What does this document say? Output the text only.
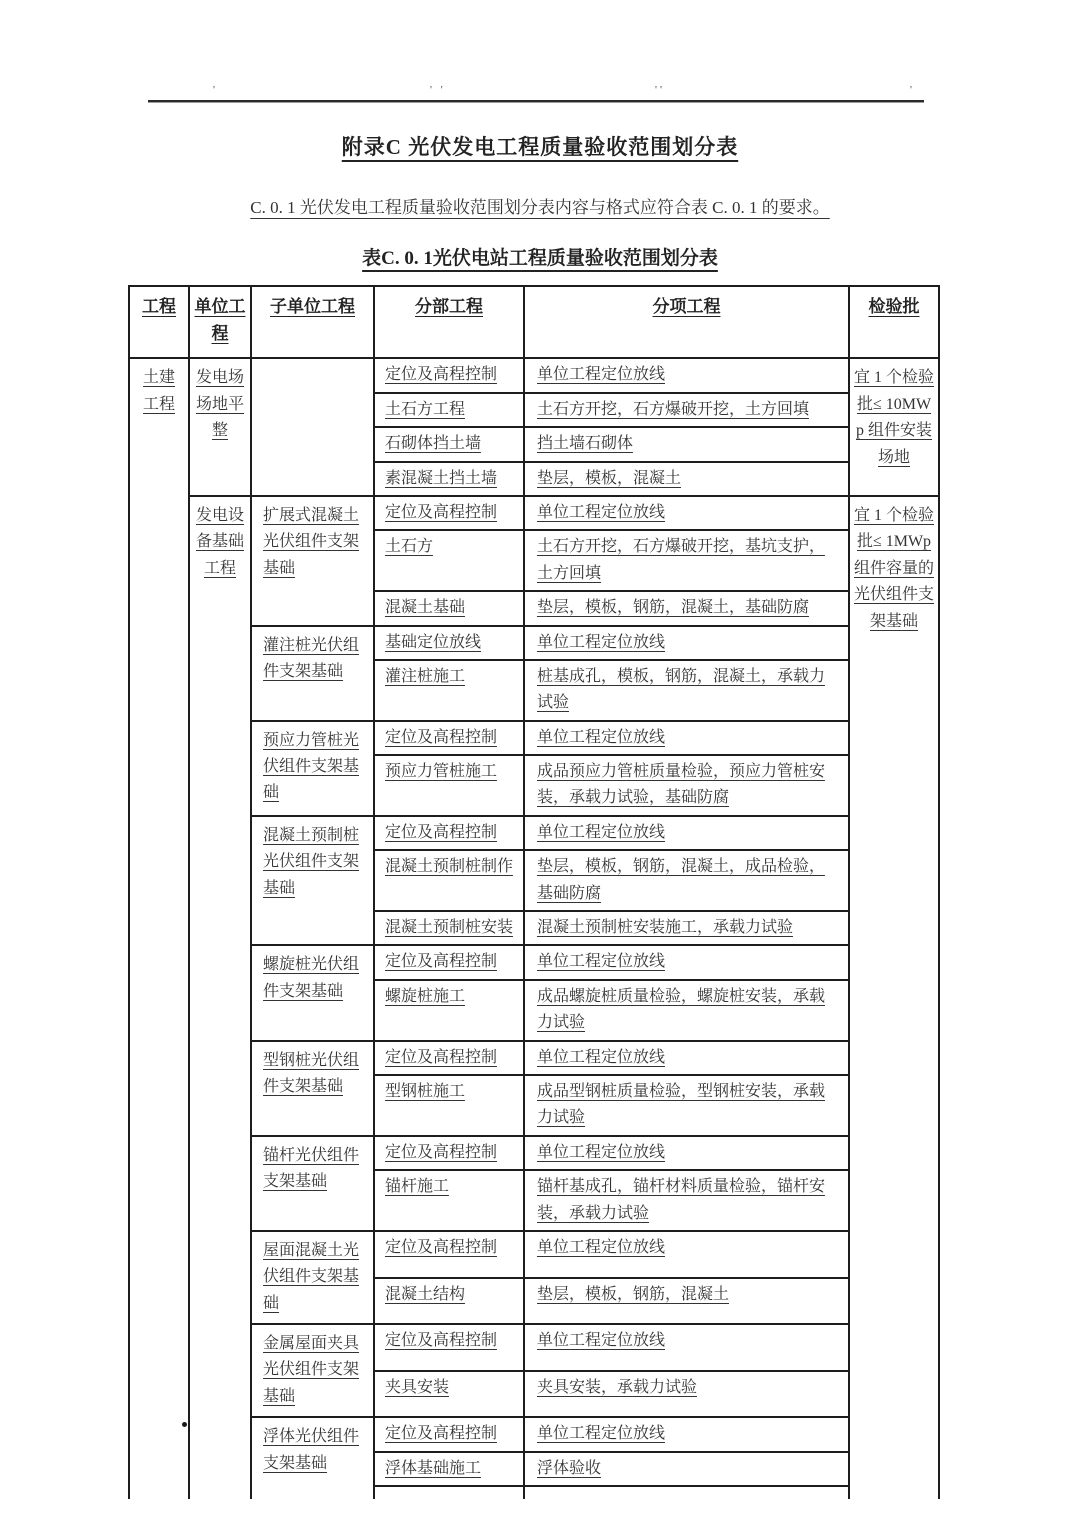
'	' '	''	'
附录C 光伏发电工程质量验收范围划分表
C. 0. 1 光伏发电工程质量验收范围划分表内容与格式应符合表 C. 0. 1 的要求。
表C. 0. 1光伏电站工程质量验收范围划分表
工程	单位工程	子单位工程	分部工程	分项工程	检验批
土建工程	发电场场地平整		定位及高程控制	单位工程定位放线	宜 1 个检验批≤ 10MWp 组件安装场地
			土石方工程	土石方开挖，石方爆破开挖，土方回填	
			石砌体挡土墙	挡土墙石砌体	
			素混凝土挡土墙	垫层，模板，混凝土	
	发电设备基础工程	扩展式混凝土光伏组件支架基础	定位及高程控制	单位工程定位放线	宜 1 个检验批≤ 1MWp 组件容量的光伏组件支架基础
			土石方	土石方开挖，石方爆破开挖，基坑支护，土方回填	
			混凝土基础	垫层，模板，钢筋，混凝土，基础防腐	
		灌注桩光伏组件支架基础	基础定位放线	单位工程定位放线	
			灌注桩施工	桩基成孔，模板，钢筋，混凝土，承载力试验	
		预应力管桩光伏组件支架基础	定位及高程控制	单位工程定位放线	
			预应力管桩施工	成品预应力管桩质量检验，预应力管桩安装，承载力试验，基础防腐	
		混凝土预制桩光伏组件支架基础	定位及高程控制	单位工程定位放线	
			混凝土预制桩制作	垫层，模板，钢筋，混凝土，成品检验，基础防腐	
			混凝土预制桩安装	混凝土预制桩安装施工，承载力试验	
		螺旋桩光伏组件支架基础	定位及高程控制	单位工程定位放线	
			螺旋桩施工	成品螺旋桩质量检验，螺旋桩安装，承载力试验	
		型钢桩光伏组件支架基础	定位及高程控制	单位工程定位放线	
			型钢桩施工	成品型钢桩质量检验，型钢桩安装，承载力试验	
		锚杆光伏组件支架基础	定位及高程控制	单位工程定位放线	
			锚杆施工	锚杆基成孔，锚杆材料质量检验，锚杆安装，承载力试验	
		屋面混凝土光伏组件支架基础	定位及高程控制	单位工程定位放线	
			混凝土结构	垫层，模板，钢筋，混凝土	
		金属屋面夹具光伏组件支架基础	定位及高程控制	单位工程定位放线	
			夹具安装	夹具安装，承载力试验	
		浮体光伏组件支架基础	定位及高程控制	单位工程定位放线	
			浮体基础施工	浮体验收	
